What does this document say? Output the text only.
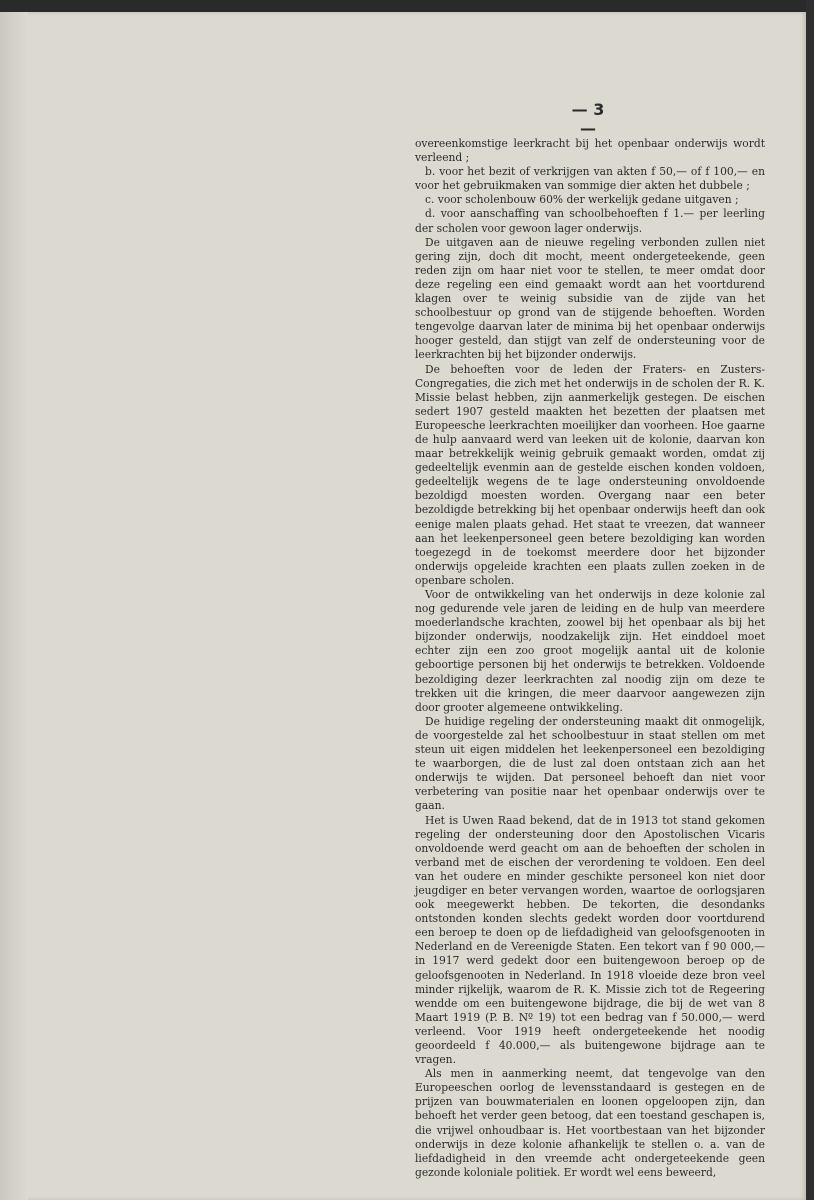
— 3 —

overeenkomstige leerkracht bij het openbaar onderwijs wordt verleend ;

b. voor het bezit of verkrijgen van akten f 50,— of f 100,— en voor het gebruikmaken van sommige dier akten het dubbele ;

c. voor scholenbouw 60% der werkelijk gedane uitgaven ;

d. voor aanschaffing van schoolbehoeften f 1.— per leerling der scholen voor gewoon lager onderwijs.

De uitgaven aan de nieuwe regeling verbonden zullen niet gering zijn, doch dit mocht, meent ondergeteekende, geen reden zijn om haar niet voor te stellen, te meer omdat door deze regeling een eind gemaakt wordt aan het voortdurend klagen over te weinig subsidie van de zijde van het schoolbestuur op grond van de stijgende behoeften. Worden tengevolge daarvan later de minima bij het openbaar onderwijs hooger gesteld, dan stijgt van zelf de ondersteuning voor de leerkrachten bij het bijzonder onderwijs.

De behoeften voor de leden der Fraters- en Zusters-Congregaties, die zich met het onderwijs in de scholen der R. K. Missie belast hebben, zijn aanmerkelijk gestegen. De eischen sedert 1907 gesteld maakten het bezetten der plaatsen met Europeesche leerkrachten moeilijker dan voorheen. Hoe gaarne de hulp aanvaard werd van leeken uit de kolonie, daarvan kon maar betrekkelijk weinig gebruik gemaakt worden, omdat zij gedeeltelijk evenmin aan de gestelde eischen konden voldoen, gedeeltelijk wegens de te lage ondersteuning onvoldoende bezoldigd moesten worden. Overgang naar een beter bezoldigde betrekking bij het openbaar onderwijs heeft dan ook eenige malen plaats gehad. Het staat te vreezen, dat wanneer aan het leekenpersoneel geen betere bezoldiging kan worden toegezegd in de toekomst meerdere door het bijzonder onderwijs opgeleide krachten een plaats zullen zoeken in de openbare scholen.

Voor de ontwikkeling van het onderwijs in deze kolonie zal nog gedurende vele jaren de leiding en de hulp van meerdere moederlandsche krachten, zoowel bij het openbaar als bij het bijzonder onderwijs, noodzakelijk zijn. Het einddoel moet echter zijn een zoo groot mogelijk aantal uit de kolonie geboortige personen bij het onderwijs te betrekken. Voldoende bezoldiging dezer leerkrachten zal noodig zijn om deze te trekken uit die kringen, die meer daarvoor aangewezen zijn door grooter algemeene ontwikkeling.

De huidige regeling der ondersteuning maakt dit onmogelijk, de voorgestelde zal het schoolbestuur in staat stellen om met steun uit eigen middelen het leekenpersoneel een bezoldiging te waarborgen, die de lust zal doen ontstaan zich aan het onderwijs te wijden. Dat personeel behoeft dan niet voor verbetering van positie naar het openbaar onderwijs over te gaan.

Het is Uwen Raad bekend, dat de in 1913 tot stand gekomen regeling der ondersteuning door den Apostolischen Vicaris onvoldoende werd geacht om aan de behoeften der scholen in verband met de eischen der verordening te voldoen. Een deel van het oudere en minder geschikte personeel kon niet door jeugdiger en beter vervangen worden, waartoe de oorlogsjaren ook meegewerkt hebben. De tekorten, die desondanks ontstonden konden slechts gedekt worden door voortdurend een beroep te doen op de liefdadigheid van geloofsgenooten in Nederland en de Vereenigde Staten. Een tekort van f 90 000,— in 1917 werd gedekt door een buitengewoon beroep op de geloofsgenooten in Nederland. In 1918 vloeide deze bron veel minder rijkelijk, waarom de R. K. Missie zich tot de Regeering wendde om een buitengewone bijdrage, die bij de wet van 8 Maart 1919 (P. B. Nº 19) tot een bedrag van f 50.000,— werd verleend. Voor 1919 heeft ondergeteekende het noodig geoordeeld f 40.000,— als buitengewone bijdrage aan te vragen.

Als men in aanmerking neemt, dat tengevolge van den Europeeschen oorlog de levensstandaard is gestegen en de prijzen van bouwmaterialen en loonen opgeloopen zijn, dan behoeft het verder geen betoog, dat een toestand geschapen is, die vrijwel onhoudbaar is. Het voortbestaan van het bijzonder onderwijs in deze kolonie afhankelijk te stellen o. a. van de liefdadigheid in den vreemde acht ondergeteekende geen gezonde koloniale politiek. Er wordt wel eens beweerd,
